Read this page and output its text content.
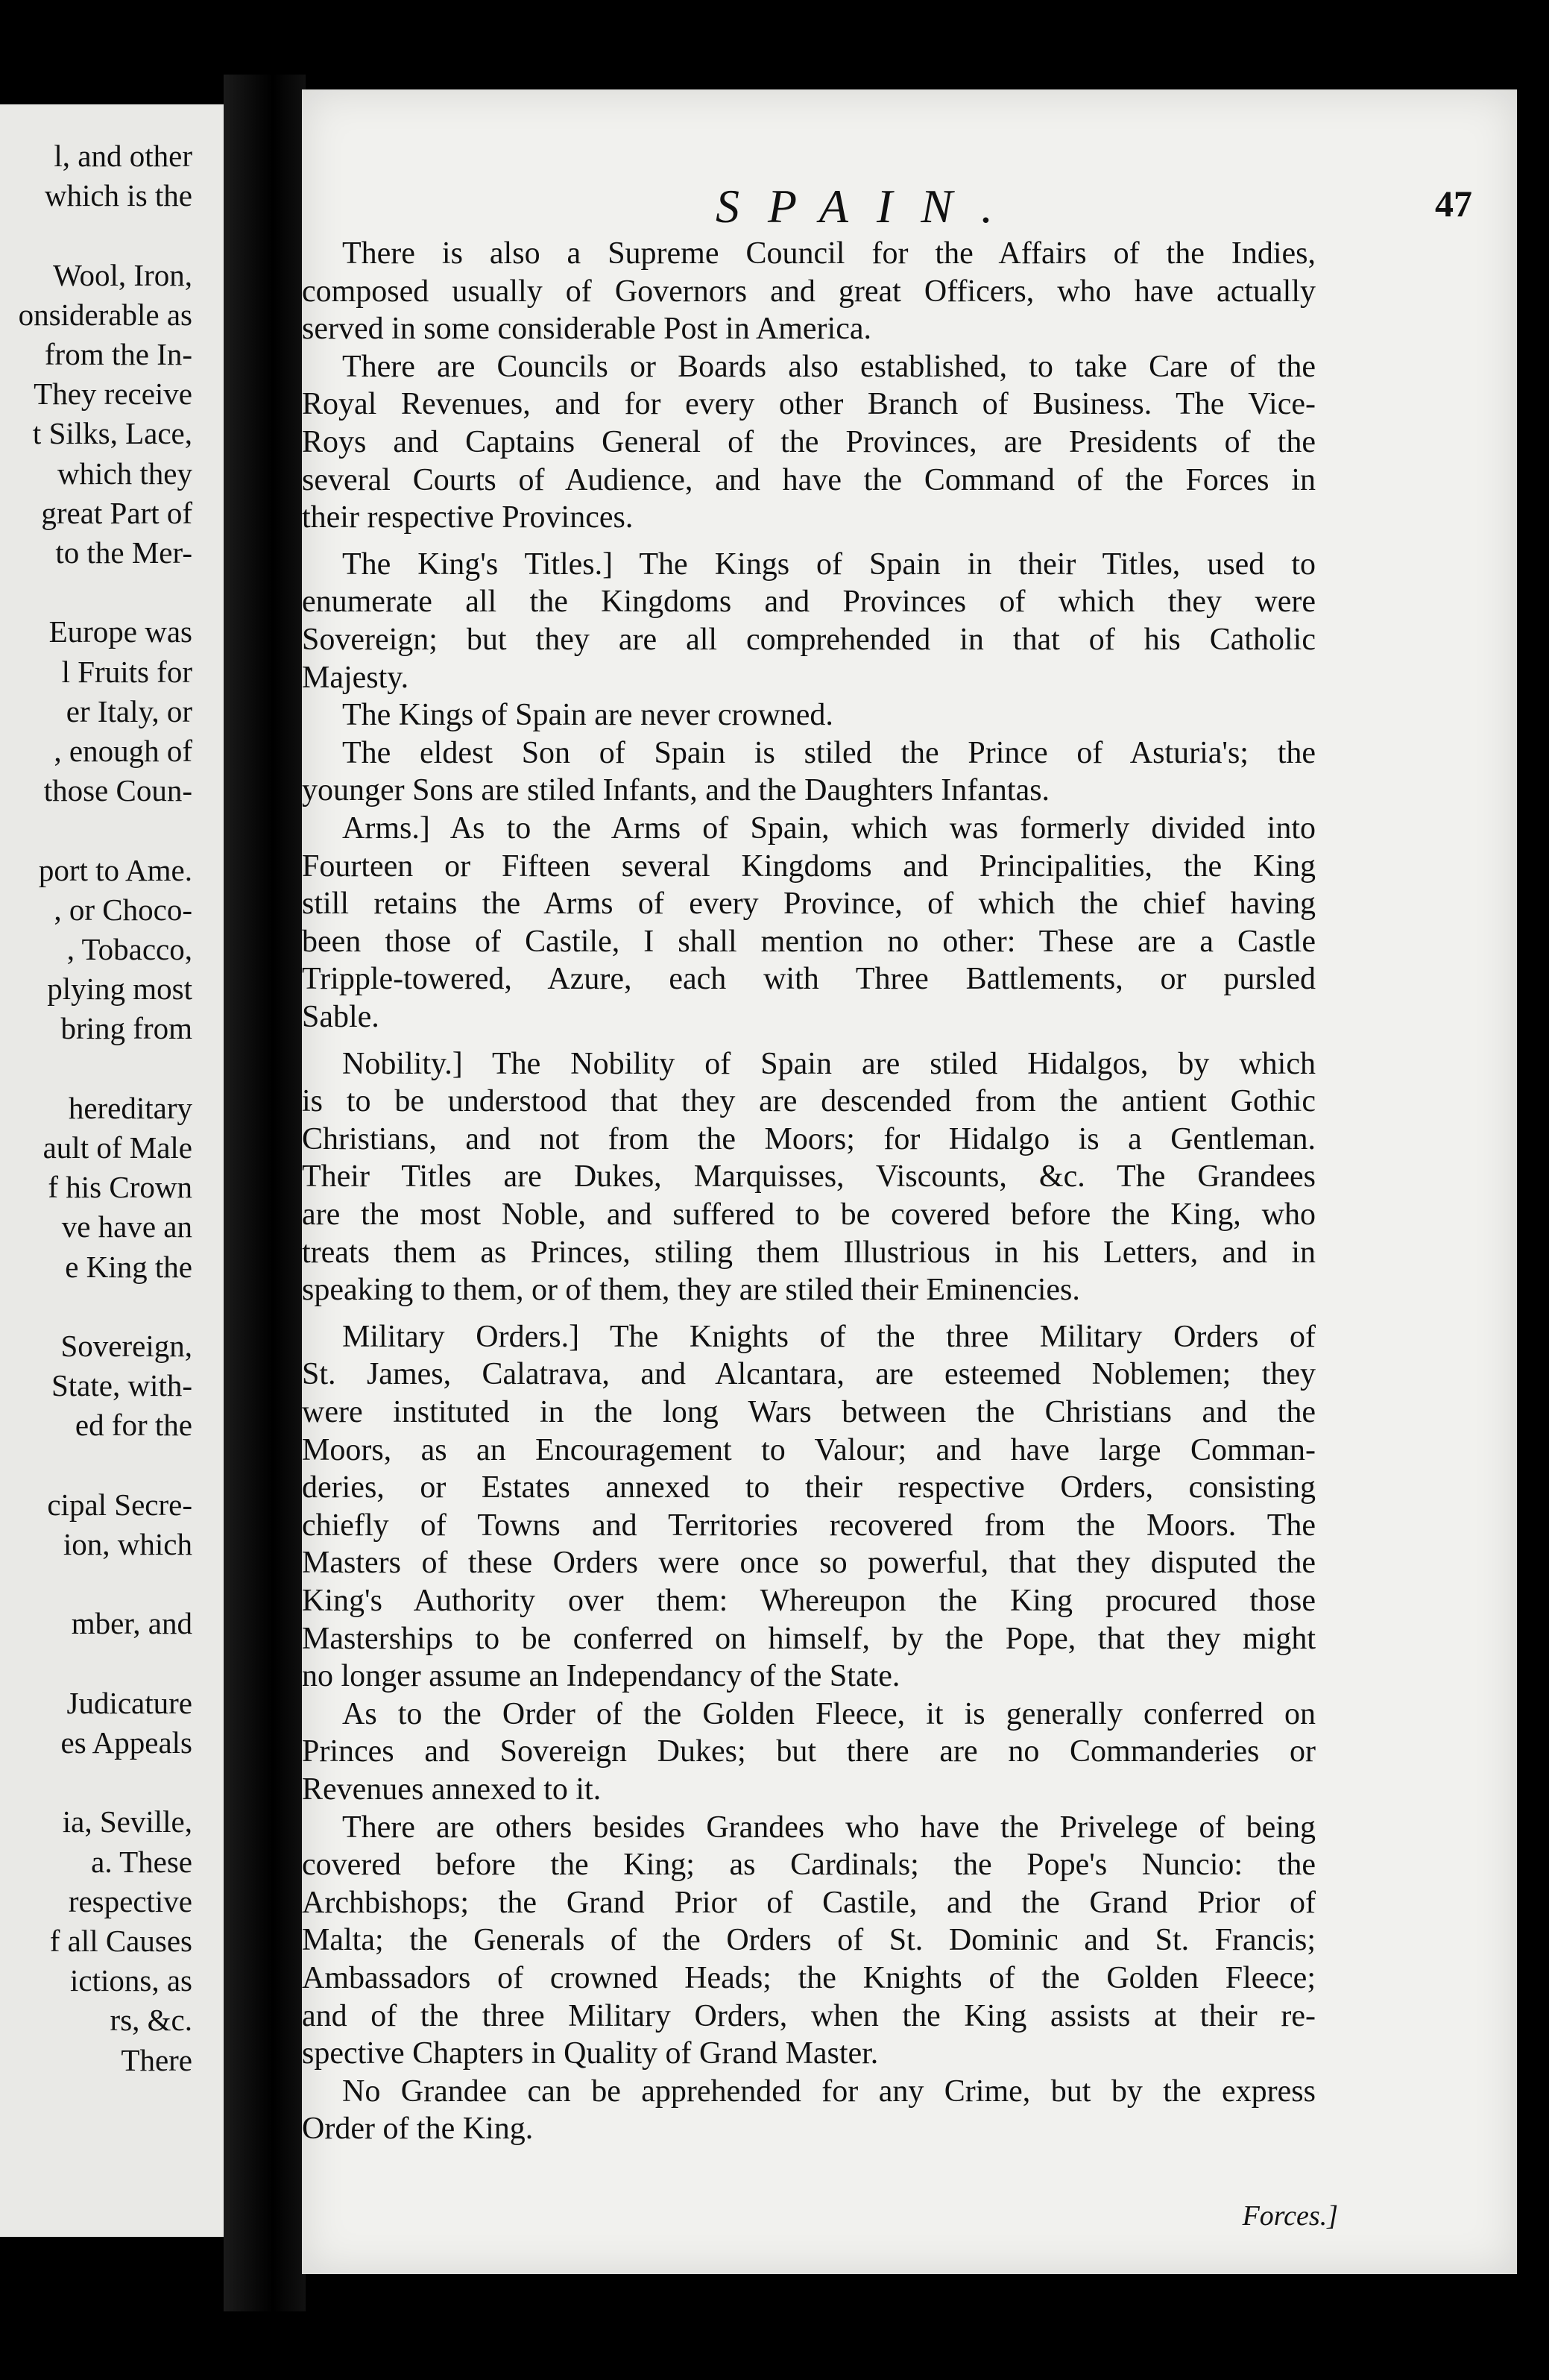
l, and other
which is the
Wool, Iron,
onsiderable as
from the In-
They receive
t Silks, Lace,
which they
great Part of
to the Mer-
Europe was
l Fruits for
er Italy, or
, enough of
those Coun-
port to Ame.
, or Choco-
, Tobacco,
plying most
bring from
hereditary
ault of Male
f his Crown
ve have an
e King the
Sovereign,
State, with-
ed for the
cipal Secre-
ion, which
mber, and
Judicature
es Appeals
ia, Seville,
a. These
respective
f all Causes
ictions, as
rs, &c.
There
SPAIN.	47
There is also a Supreme Council for the Affairs of the Indies,
composed usually of Governors and great Officers, who have actually
served in some considerable Post in America.
There are Councils or Boards also established, to take Care of the
Royal Revenues, and for every other Branch of Business. The Vice-
Roys and Captains General of the Provinces, are Presidents of the
several Courts of Audience, and have the Command of the Forces in
their respective Provinces.
The King's Titles.] The Kings of Spain in their Titles, used to
enumerate all the Kingdoms and Provinces of which they were
Sovereign; but they are all comprehended in that of his Catholic
Majesty.
The Kings of Spain are never crowned.
The eldest Son of Spain is stiled the Prince of Asturia's; the
younger Sons are stiled Infants, and the Daughters Infantas.
Arms.] As to the Arms of Spain, which was formerly divided into
Fourteen or Fifteen several Kingdoms and Principalities, the King
still retains the Arms of every Province, of which the chief having
been those of Castile, I shall mention no other: These are a Castle
Tripple-towered, Azure, each with Three Battlements, or pursled
Sable.
Nobility.] The Nobility of Spain are stiled Hidalgos, by which
is to be understood that they are descended from the antient Gothic
Christians, and not from the Moors; for Hidalgo is a Gentleman.
Their Titles are Dukes, Marquisses, Viscounts, &c. The Grandees
are the most Noble, and suffered to be covered before the King, who
treats them as Princes, stiling them Illustrious in his Letters, and in
speaking to them, or of them, they are stiled their Eminencies.
Military Orders.] The Knights of the three Military Orders of
St. James, Calatrava, and Alcantara, are esteemed Noblemen; they
were instituted in the long Wars between the Christians and the
Moors, as an Encouragement to Valour; and have large Comman-
deries, or Estates annexed to their respective Orders, consisting
chiefly of Towns and Territories recovered from the Moors. The
Masters of these Orders were once so powerful, that they disputed the
King's Authority over them: Whereupon the King procured those
Masterships to be conferred on himself, by the Pope, that they might
no longer assume an Independancy of the State.
As to the Order of the Golden Fleece, it is generally conferred on
Princes and Sovereign Dukes; but there are no Commanderies or
Revenues annexed to it.
There are others besides Grandees who have the Privelege of being
covered before the King; as Cardinals; the Pope's Nuncio: the
Archbishops; the Grand Prior of Castile, and the Grand Prior of
Malta; the Generals of the Orders of St. Dominic and St. Francis;
Ambassadors of crowned Heads; the Knights of the Golden Fleece;
and of the three Military Orders, when the King assists at their re-
spective Chapters in Quality of Grand Master.
No Grandee can be apprehended for any Crime, but by the express
Order of the King.
Forces.]
